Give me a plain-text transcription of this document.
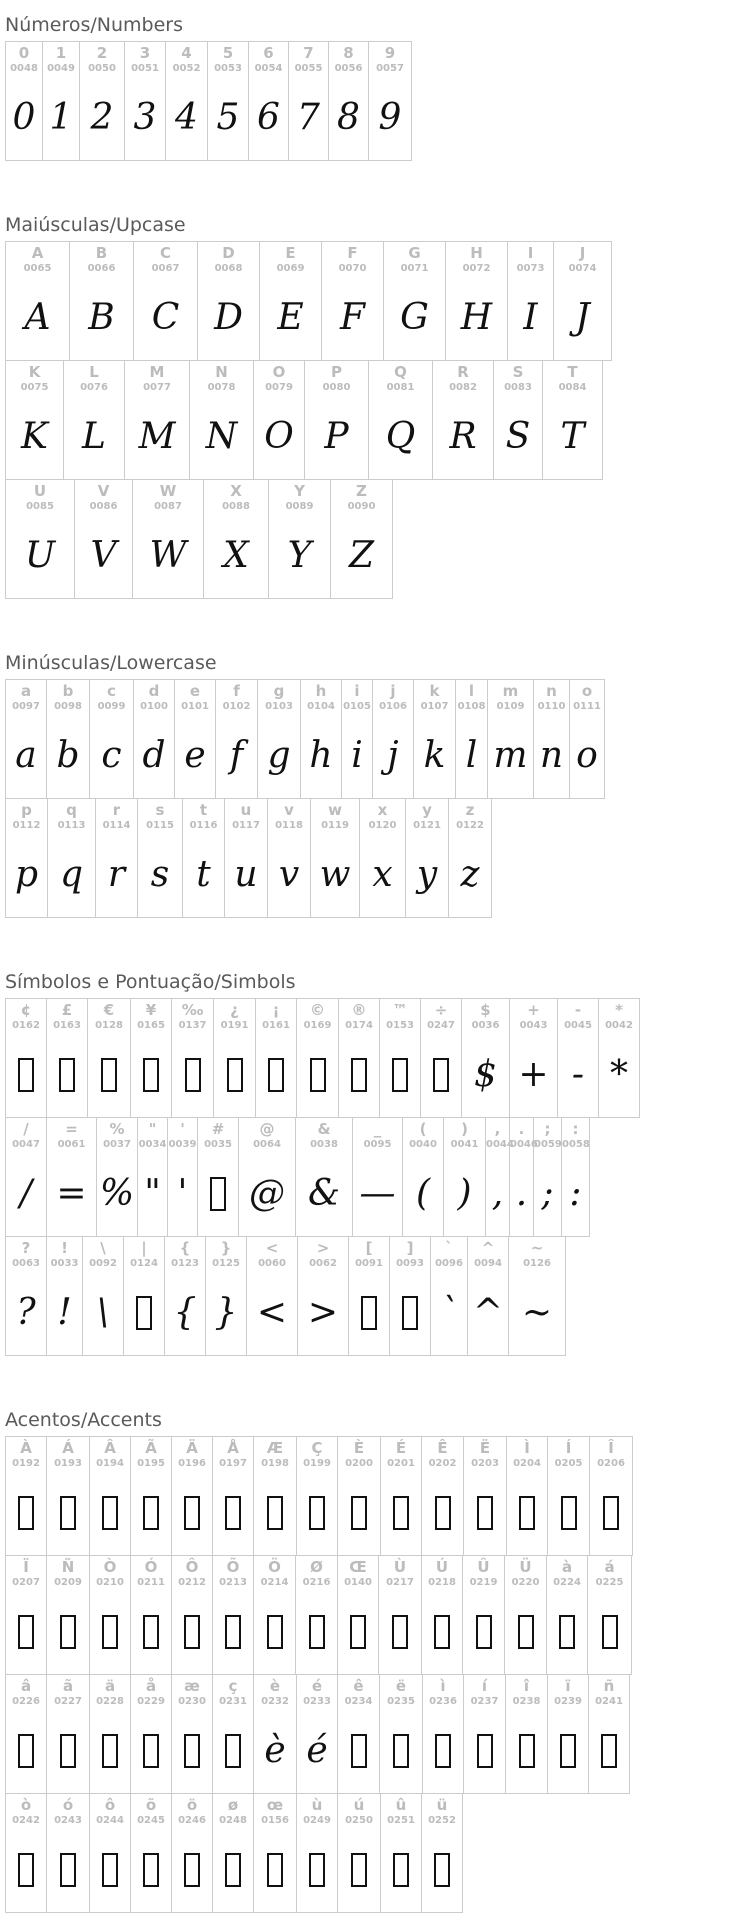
Números/Numbers
0
0048
0
1
0049
1
2
0050
2
3
0051
3
4
0052
4
5
0053
5
6
0054
6
7
0055
7
8
0056
8
9
0057
9
Maiúsculas/Upcase
A
0065
A
B
0066
B
C
0067
C
D
0068
D
E
0069
E
F
0070
F
G
0071
G
H
0072
H
I
0073
I
J
0074
J
K
0075
K
L
0076
L
M
0077
M
N
0078
N
O
0079
O
P
0080
P
Q
0081
Q
R
0082
R
S
0083
S
T
0084
T
U
0085
U
V
0086
V
W
0087
W
X
0088
X
Y
0089
Y
Z
0090
Z
Minúsculas/Lowercase
a
0097
a
b
0098
b
c
0099
c
d
0100
d
e
0101
e
f
0102
f
g
0103
g
h
0104
h
i
0105
i
j
0106
j
k
0107
k
l
0108
l
m
0109
m
n
0110
n
o
0111
o
p
0112
p
q
0113
q
r
0114
r
s
0115
s
t
0116
t
u
0117
u
v
0118
v
w
0119
w
x
0120
x
y
0121
y
z
0122
z
Símbolos e Pontuação/Simbols
¢
0162
£
0163
€
0128
¥
0165
‰
0137
¿
0191
¡
0161
©
0169
®
0174
™
0153
÷
0247
$
0036
$
+
0043
+
-
0045
-
*
0042
*
/
0047
/
=
0061
=
%
0037
%
"
0034
"
'
0039
'
#
0035
@
0064
@
&
0038
&
_
0095
—
(
0040
(
)
0041
)
,
0044
,
.
0046
.
;
0059
;
:
0058
:
?
0063
?
!
0033
!
\
0092
\
|
0124
{
0123
{
}
0125
}
<
0060
<
>
0062
>
[
0091
]
0093
`
0096
`
^
0094
^
~
0126
~
Acentos/Accents
À
0192
Á
0193
Â
0194
Ã
0195
Ä
0196
Å
0197
Æ
0198
Ç
0199
È
0200
É
0201
Ê
0202
Ë
0203
Ì
0204
Í
0205
Î
0206
Ï
0207
Ñ
0209
Ò
0210
Ó
0211
Ô
0212
Õ
0213
Ö
0214
Ø
0216
Œ
0140
Ù
0217
Ú
0218
Û
0219
Ü
0220
à
0224
á
0225
â
0226
ã
0227
ä
0228
å
0229
æ
0230
ç
0231
è
0232
è
é
0233
é
ê
0234
ë
0235
ì
0236
í
0237
î
0238
ï
0239
ñ
0241
ò
0242
ó
0243
ô
0244
õ
0245
ö
0246
ø
0248
œ
0156
ù
0249
ú
0250
û
0251
ü
0252
